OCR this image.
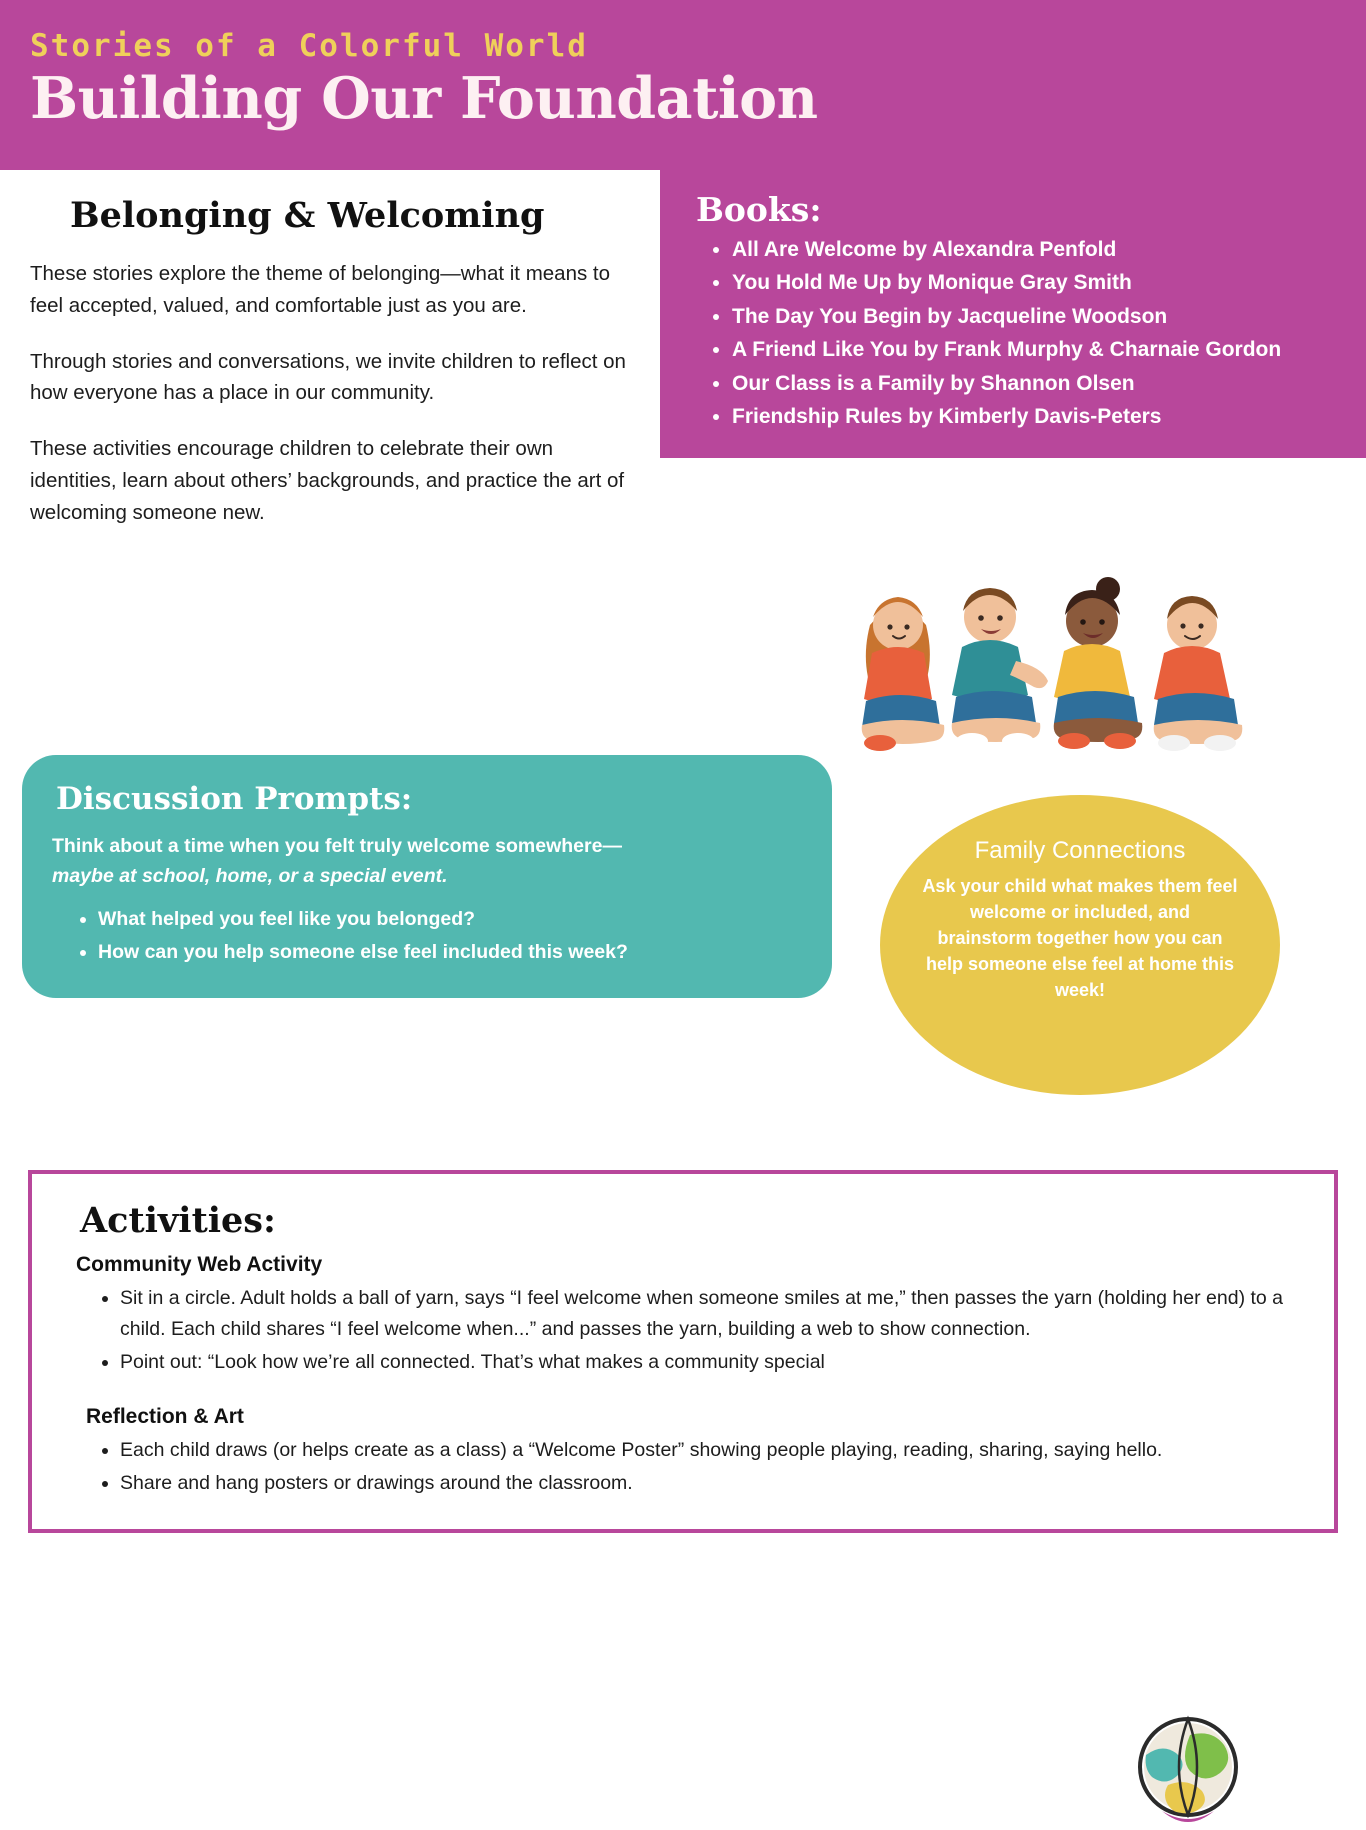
Stories of a Colorful World

Building Our Foundation
Belonging & Welcoming

These stories explore the theme of belonging—what it means to feel accepted, valued, and comfortable just as you are.

Through stories and conversations, we invite children to reflect on how everyone has a place in our community.

These activities encourage children to celebrate their own identities, learn about others’ backgrounds, and practice the art of welcoming someone new.

Books:
• All Are Welcome by Alexandra Penfold
• You Hold Me Up by Monique Gray Smith
• The Day You Begin by Jacqueline Woodson
• A Friend Like You by Frank Murphy & Charnaie Gordon
• Our Class is a Family by Shannon Olsen
• Friendship Rules by Kimberly Davis-Peters
Discussion Prompts:

Think about a time when you felt truly welcome somewhere—
maybe at school, home, or a special event.

• What helped you feel like you belonged?
• How can you help someone else feel included this week?
Family Connections

Ask your child what makes them feel welcome or included, and brainstorm together how you can help someone else feel at home this week!

Activities:
Community Web Activity
• Sit in a circle. Adult holds a ball of yarn, says “I feel welcome when someone smiles at me,” then passes the yarn (holding her end) to a child. Each child shares “I feel welcome when...” and passes the yarn, building a web to show connection.
• Point out: “Look how we’re all connected. That’s what makes a community special
Reflection & Art
• Each child draws (or helps create as a class) a “Welcome Poster” showing people playing, reading, sharing, saying hello.
• Share and hang posters or drawings around the classroom.
